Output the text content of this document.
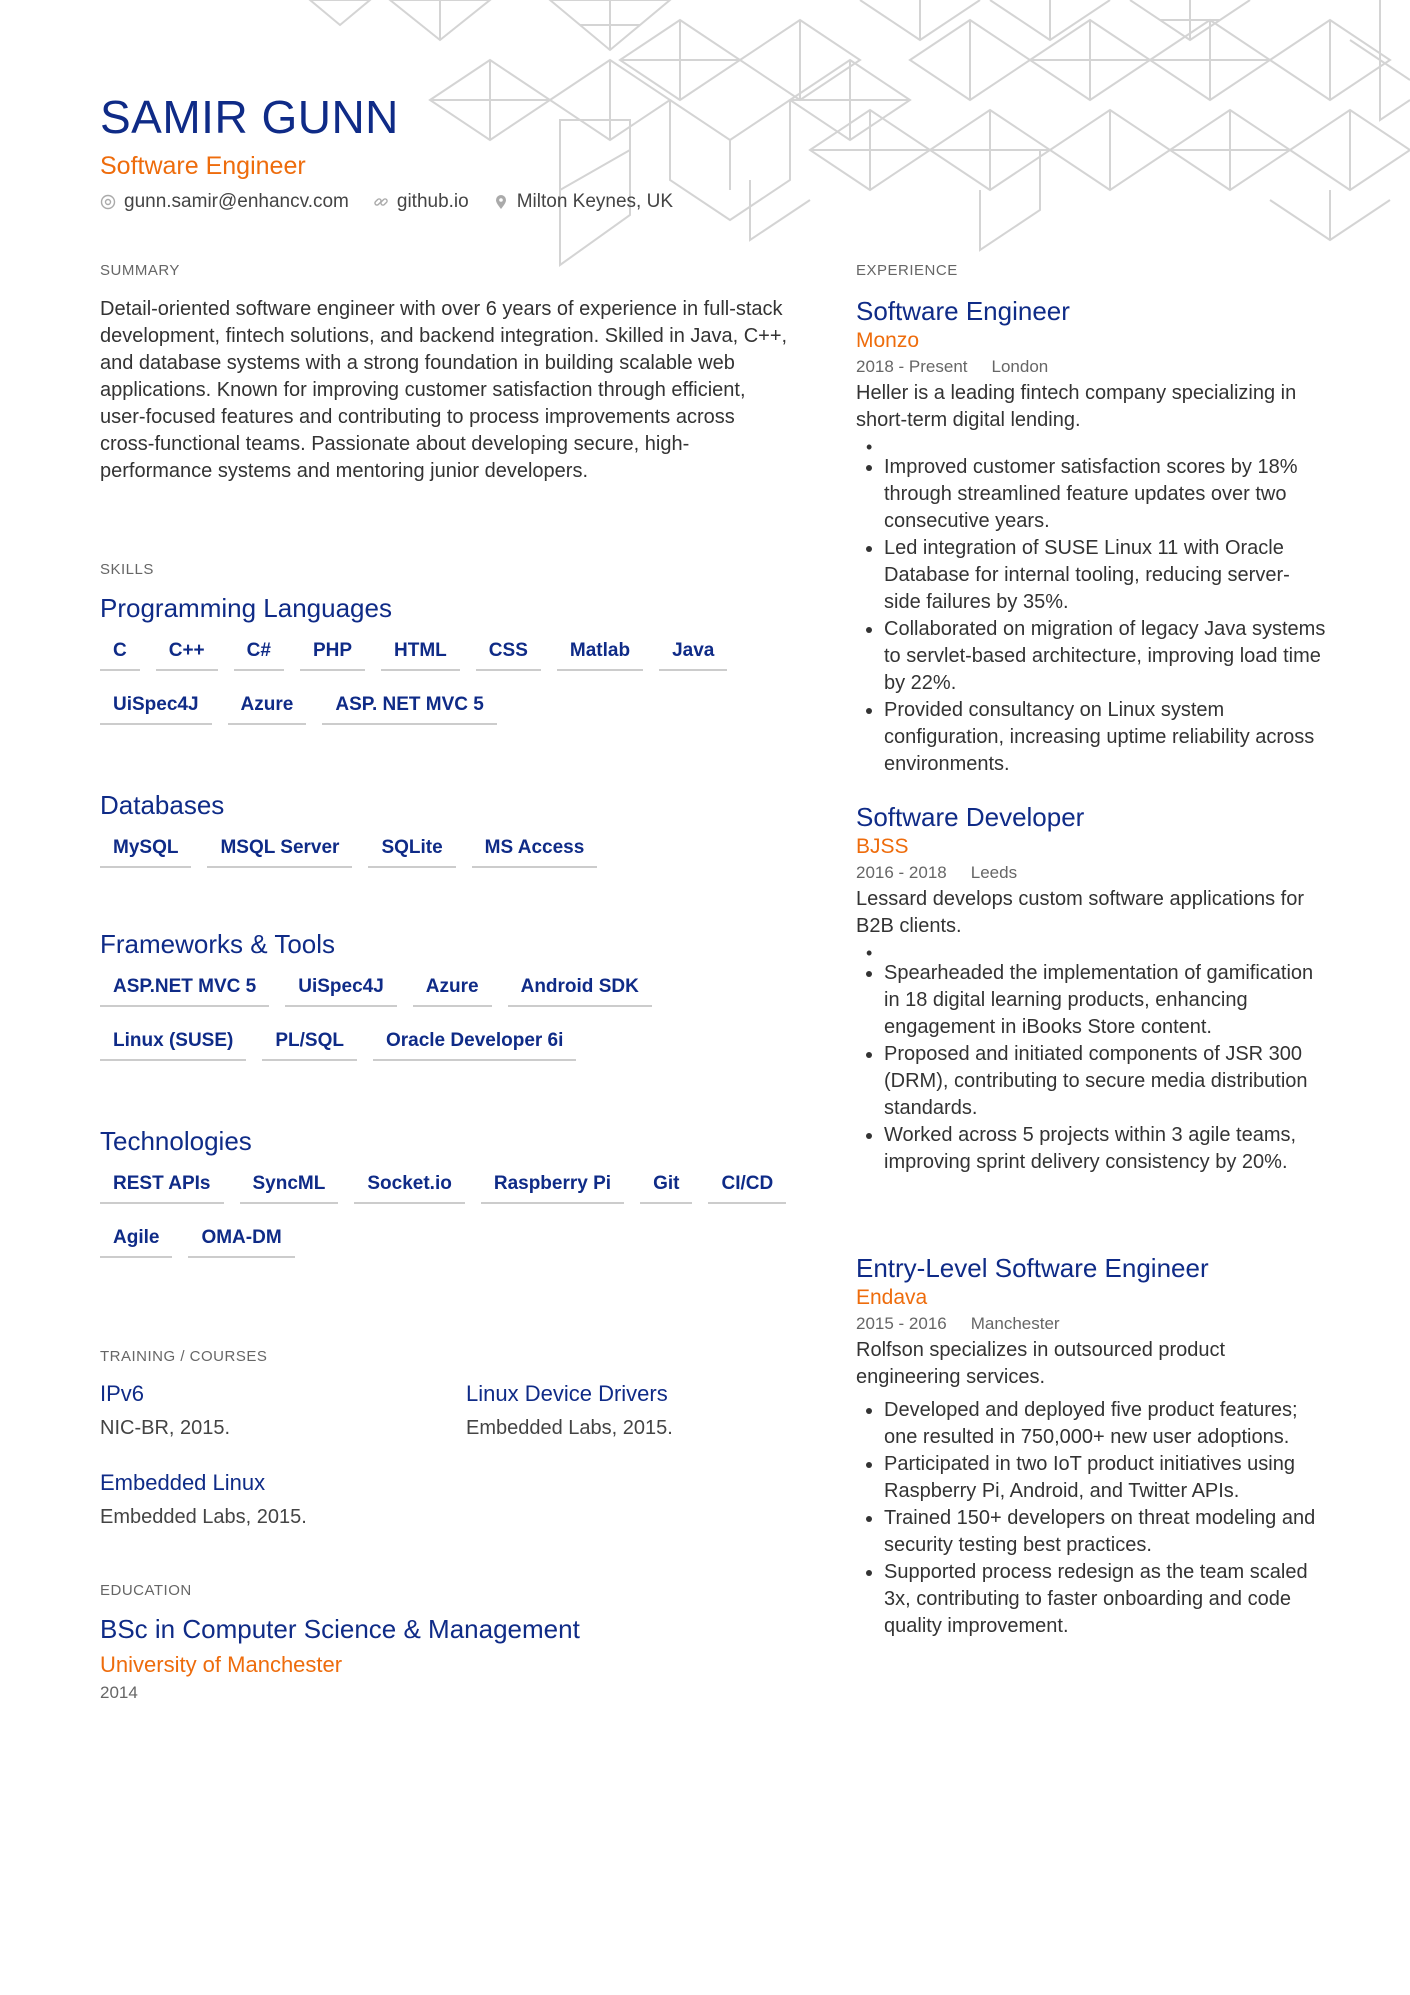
SAMIR GUNN
Software Engineer
gunn.samir@enhancv.com	github.io	Milton Keynes, UK
SUMMARY
Detail-oriented software engineer with over 6 years of experience in full-stack development, fintech solutions, and backend integration. Skilled in Java, C++, and database systems with a strong foundation in building scalable web applications. Known for improving customer satisfaction through efficient, user-focused features and contributing to process improvements across cross-functional teams. Passionate about developing secure, high-performance systems and mentoring junior developers.
SKILLS
Programming Languages
C	C++	C#	PHP	HTML	CSS	Matlab	Java
UiSpec4J	Azure	ASP. NET MVC 5
Databases
MySQL	MSQL Server	SQLite	MS Access
Frameworks & Tools
ASP.NET MVC 5	UiSpec4J	Azure	Android SDK
Linux (SUSE)	PL/SQL	Oracle Developer 6i
Technologies
REST APIs	SyncML	Socket.io	Raspberry Pi	Git	CI/CD
Agile	OMA-DM
TRAINING / COURSES
IPv6
NIC-BR, 2015.
Linux Device Drivers
Embedded Labs, 2015.
Embedded Linux
Embedded Labs, 2015.
EDUCATION
BSc in Computer Science & Management
University of Manchester
2014
EXPERIENCE
Software Engineer
Monzo
2018 - Present London
Heller is a leading fintech company specializing in short-term digital lending.
• • Improved customer satisfaction scores by 18% through streamlined feature updates over two consecutive years.
• Led integration of SUSE Linux 11 with Oracle Database for internal tooling, reducing server-side failures by 35%.
• Collaborated on migration of legacy Java systems to servlet-based architecture, improving load time by 22%.
• Provided consultancy on Linux system configuration, increasing uptime reliability across environments.
Software Developer
BJSS
2016 - 2018 Leeds
Lessard develops custom software applications for B2B clients.
• • Spearheaded the implementation of gamification in 18 digital learning products, enhancing engagement in iBooks Store content.
• Proposed and initiated components of JSR 300 (DRM), contributing to secure media distribution standards.
• Worked across 5 projects within 3 agile teams, improving sprint delivery consistency by 20%.
Entry-Level Software Engineer
Endava
2015 - 2016 Manchester
Rolfson specializes in outsourced product engineering services.
• Developed and deployed five product features; one resulted in 750,000+ new user adoptions.
• Participated in two IoT product initiatives using Raspberry Pi, Android, and Twitter APIs.
• Trained 150+ developers on threat modeling and security testing best practices.
• Supported process redesign as the team scaled 3x, contributing to faster onboarding and code quality improvement.
